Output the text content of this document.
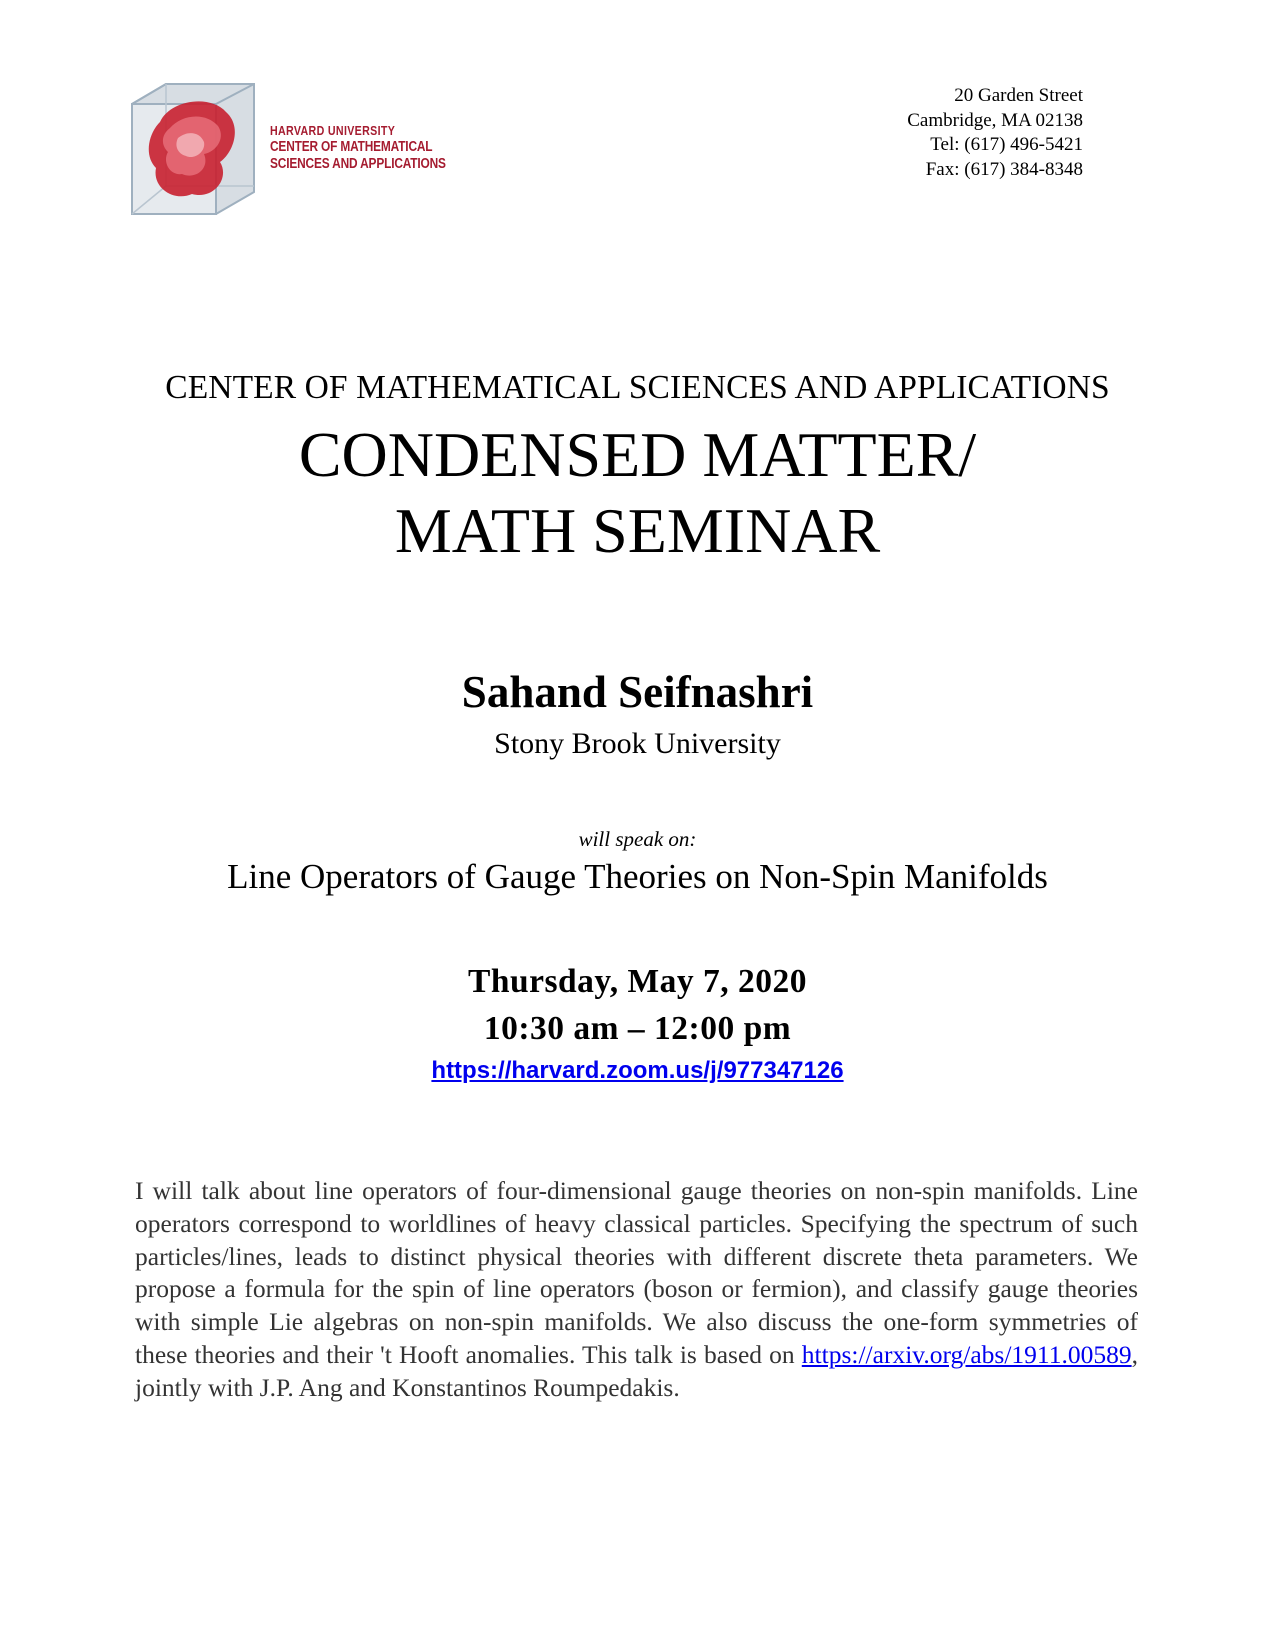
HARVARD UNIVERSITY
CENTER OF MATHEMATICAL
SCIENCES AND APPLICATIONS
20 Garden Street
Cambridge, MA 02138
Tel: (617) 496-5421
Fax: (617) 384-8348
CENTER OF MATHEMATICAL SCIENCES AND APPLICATIONS
CONDENSED MATTER/
MATH SEMINAR
Sahand Seifnashri
Stony Brook University
will speak on:
Line Operators of Gauge Theories on Non-Spin Manifolds
Thursday, May 7, 2020
10:30 am – 12:00 pm
https://harvard.zoom.us/j/977347126
I will talk about line operators of four-dimensional gauge theories on non-spin manifolds. Line operators correspond to worldlines of heavy classical particles. Specifying the spectrum of such particles/lines, leads to distinct physical theories with different discrete theta parameters. We propose a formula for the spin of line operators (boson or fermion), and classify gauge theories with simple Lie algebras on non-spin manifolds. We also discuss the one-form symmetries of these theories and their 't Hooft anomalies. This talk is based on https://arxiv.org/abs/1911.00589, jointly with J.P. Ang and Konstantinos Roumpedakis.
